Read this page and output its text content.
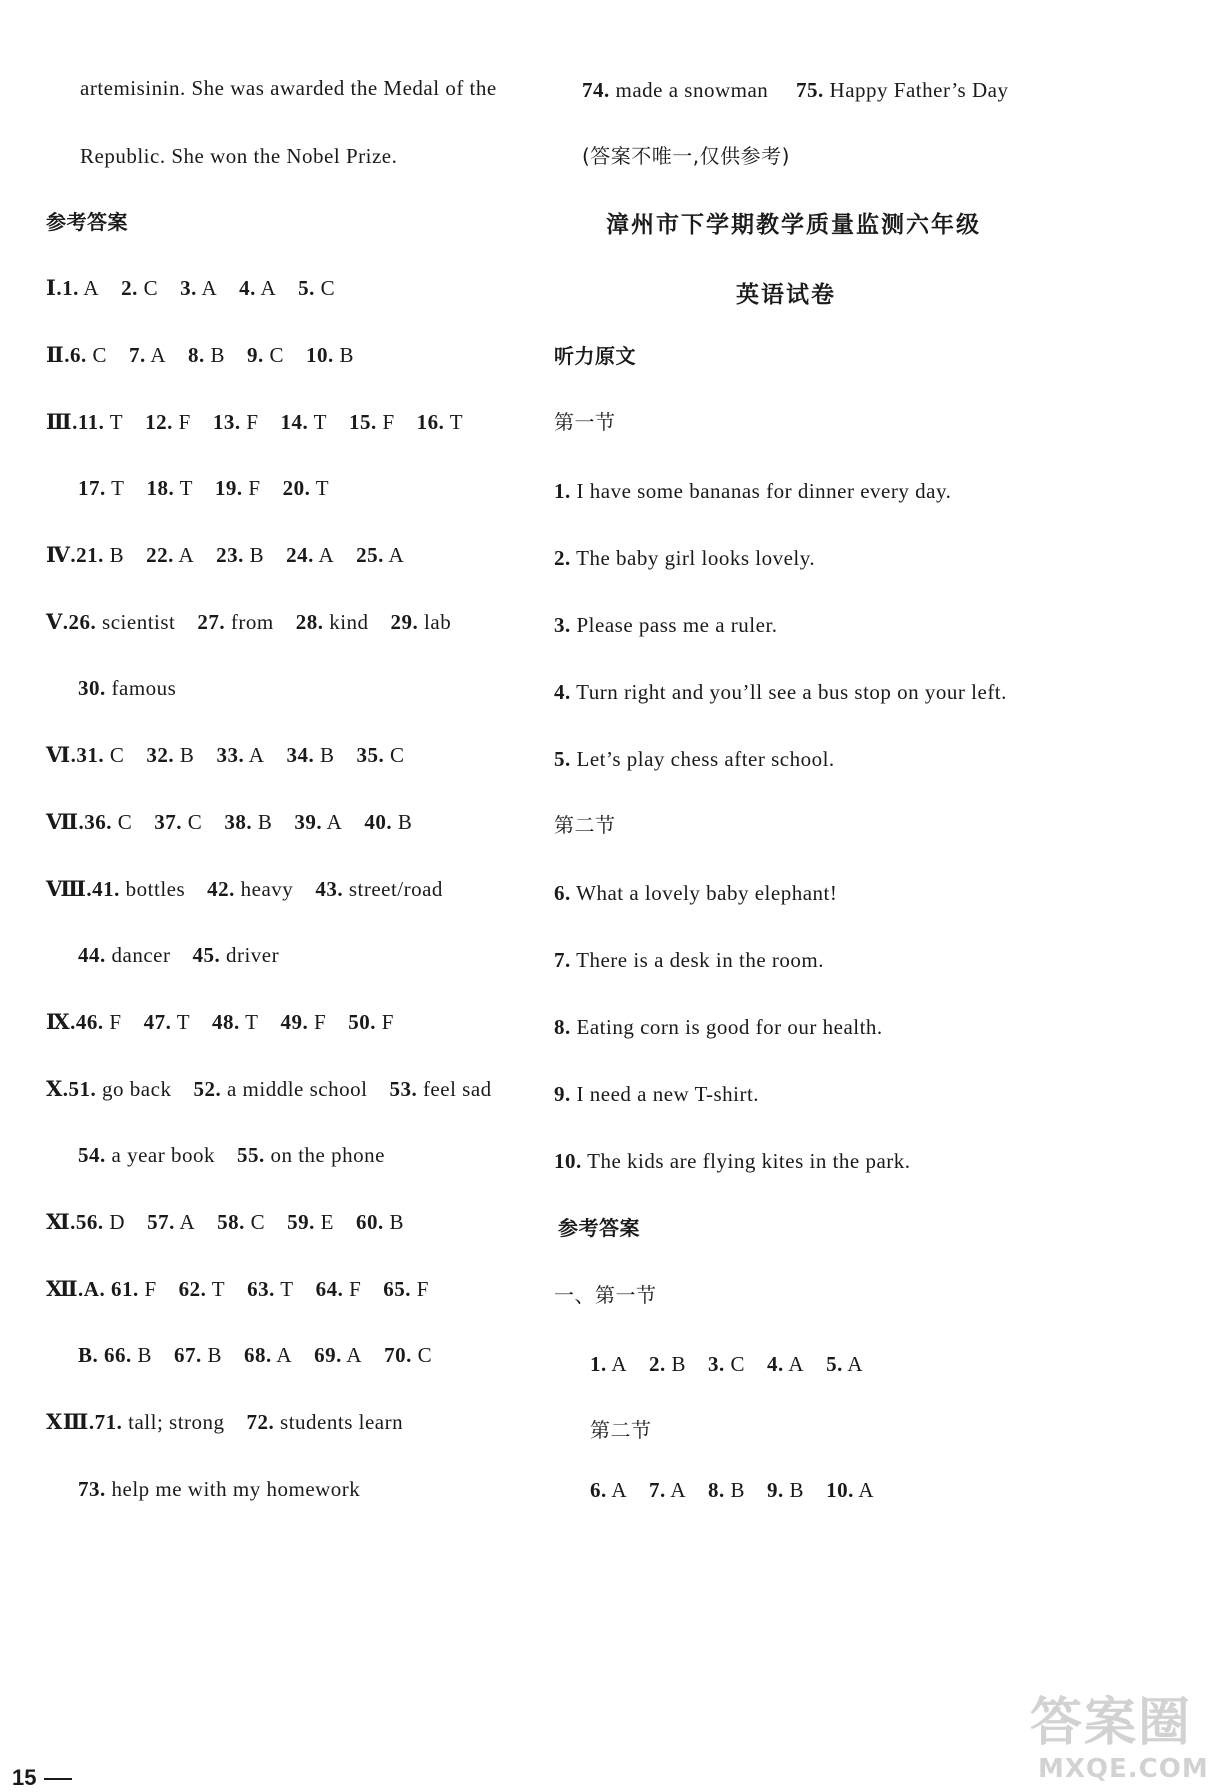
artemisinin. She was awarded the Medal of the
Republic. She won the Nobel Prize.
参考答案
Ⅰ.1. A 2. C 3. A 4. A 5. C
Ⅱ.6. C 7. A 8. B 9. C 10. B
Ⅲ.11. T 12. F 13. F 14. T 15. F 16. T
17. T 18. T 19. F 20. T
Ⅳ.21. B 22. A 23. B 24. A 25. A
Ⅴ.26. scientist 27. from 28. kind 29. lab
30. famous
Ⅵ.31. C 32. B 33. A 34. B 35. C
Ⅶ.36. C 37. C 38. B 39. A 40. B
Ⅷ.41. bottles 42. heavy 43. street/road
44. dancer 45. driver
Ⅸ.46. F 47. T 48. T 49. F 50. F
Ⅹ.51. go back 52. a middle school 53. feel sad
54. a year book 55. on the phone
Ⅺ.56. D 57. A 58. C 59. E 60. B
Ⅻ.A. 61. F 62. T 63. T 64. F 65. F
B. 66. B 67. B 68. A 69. A 70. C
ⅩⅢ.71. tall; strong 72. students learn
73. help me with my homework
74. made a snowman 75. Happy Father’s Day
(答案不唯一,仅供参考)
漳州市下学期教学质量监测六年级
英语试卷
听力原文
第一节
1. I have some bananas for dinner every day.
2. The baby girl looks lovely.
3. Please pass me a ruler.
4. Turn right and you’ll see a bus stop on your left.
5. Let’s play chess after school.
第二节
6. What a lovely baby elephant!
7. There is a desk in the room.
8. Eating corn is good for our health.
9. I need a new T-shirt.
10. The kids are flying kites in the park.
参考答案
一、第一节
1. A 2. B 3. C 4. A 5. A
第二节
6. A 7. A 8. B 9. B 10. A
15
答案圈
MXQE.COM
